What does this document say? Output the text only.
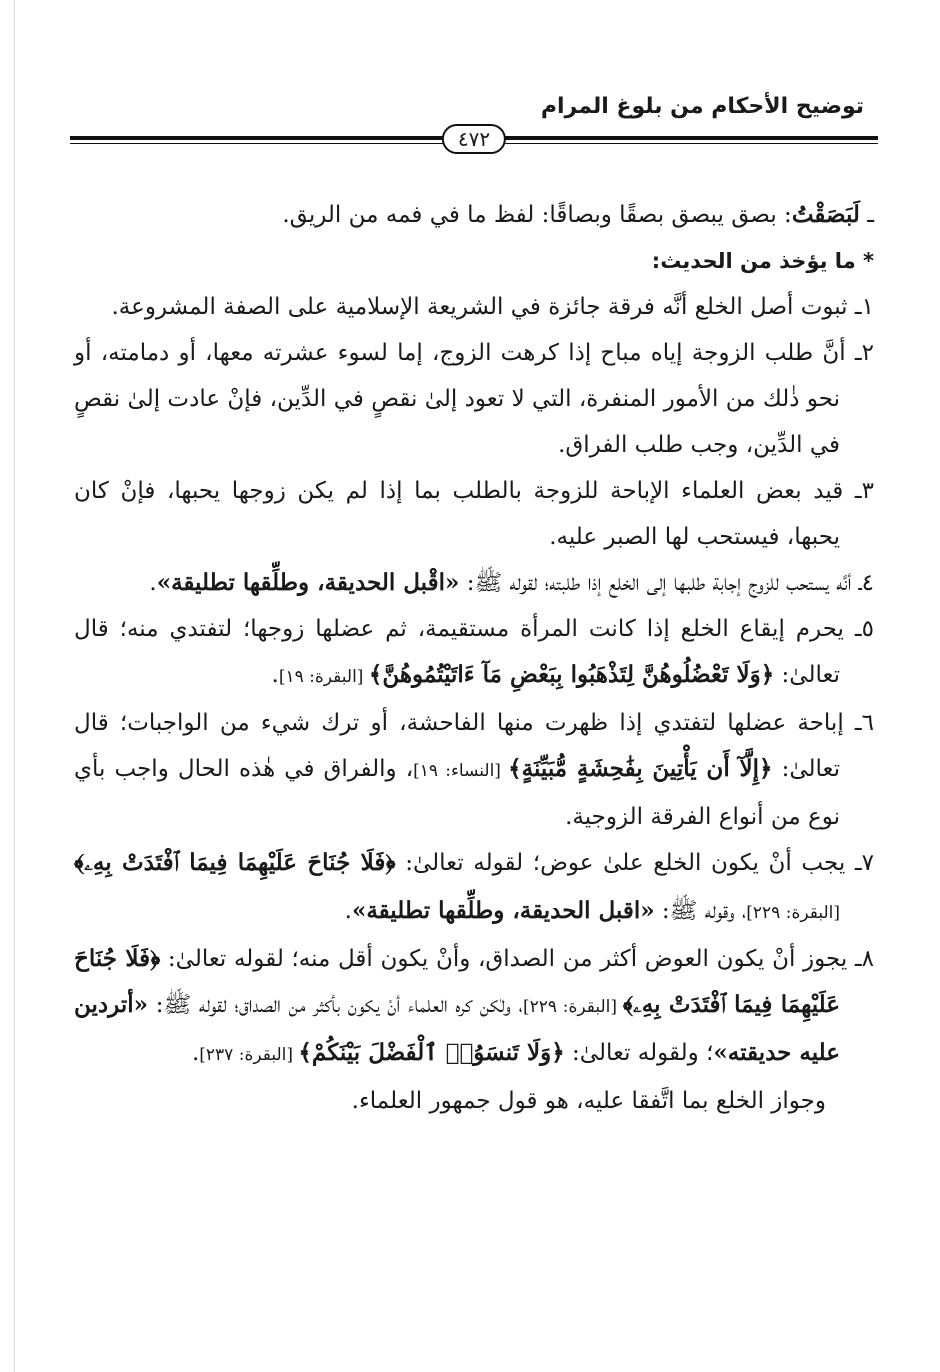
توضيح الأحكام من بلوغ المرام
٤٧٢

ـ لَبَصَقْتُ: بصق يبصق بصقًا وبصاقًا: لفظ ما في فمه من الريق.

* ما يؤخذ من الحديث:

١ـ ثبوت أصل الخلع أنَّه فرقة جائزة في الشريعة الإسلامية على الصفة المشروعة.

٢ـ أنَّ طلب الزوجة إياه مباح إذا كرهت الزوج، إما لسوء عشرته معها، أو دمامته، أو نحو ذٰلك من الأمور المنفرة، التي لا تعود إلىٰ نقصٍ في الدِّين، فإنْ عادت إلىٰ نقصٍ في الدِّين، وجب طلب الفراق.

٣ـ قيد بعض العلماء الإباحة للزوجة بالطلب بما إذا لم يكن زوجها يحبها، فإنْ كان يحبها، فيستحب لها الصبر عليه.

٤ـ أنَّه يستحب للزوج إجابة طلبها إلى الخلع إذا طلبته؛ لقوله ﷺ: «اقْبل الحديقة، وطلِّقها تطليقة».

٥ـ يحرم إيقاع الخلع إذا كانت المرأة مستقيمة، ثم عضلها زوجها؛ لتفتدي منه؛ قال تعالىٰ: ﴿وَلَا تَعْضُلُوهُنَّ لِتَذْهَبُوا بِبَعْضِ مَآ ءَاتَيْتُمُوهُنَّ﴾ [البقرة: ١٩].

٦ـ إباحة عضلها لتفتدي إذا ظهرت منها الفاحشة، أو ترك شيء من الواجبات؛ قال تعالىٰ: ﴿إِلَّآ أَن يَأْتِينَ بِفَٰحِشَةٍ مُّبَيِّنَةٍ﴾ [النساء: ١٩]، والفراق في هٰذه الحال واجب بأي نوع من أنواع الفرقة الزوجية.

٧ـ يجب أنْ يكون الخلع علىٰ عوض؛ لقوله تعالىٰ: ﴿فَلَا جُنَاحَ عَلَيْهِمَا فِيمَا ٱفْتَدَتْ بِهِۦ﴾ [البقرة: ٢٢٩]، وقوله ﷺ: «اقبل الحديقة، وطلِّقها تطليقة».

٨ـ يجوز أنْ يكون العوض أكثر من الصداق، وأنْ يكون أقل منه؛ لقوله تعالىٰ: ﴿فَلَا جُنَاحَ عَلَيْهِمَا فِيمَا ٱفْتَدَتْ بِهِۦ﴾ [البقرة: ٢٢٩]، ولٰكن كره العلماء أنْ يكون بأكثر من الصداق؛ لقوله ﷺ: «أتردين عليه حديقته»؛ ولقوله تعالىٰ: ﴿وَلَا تَنسَوُا۟ ٱلْفَضْلَ بَيْنَكُمْ﴾ [البقرة: ٢٣٧].

وجواز الخلع بما اتَّفقا عليه، هو قول جمهور العلماء.
